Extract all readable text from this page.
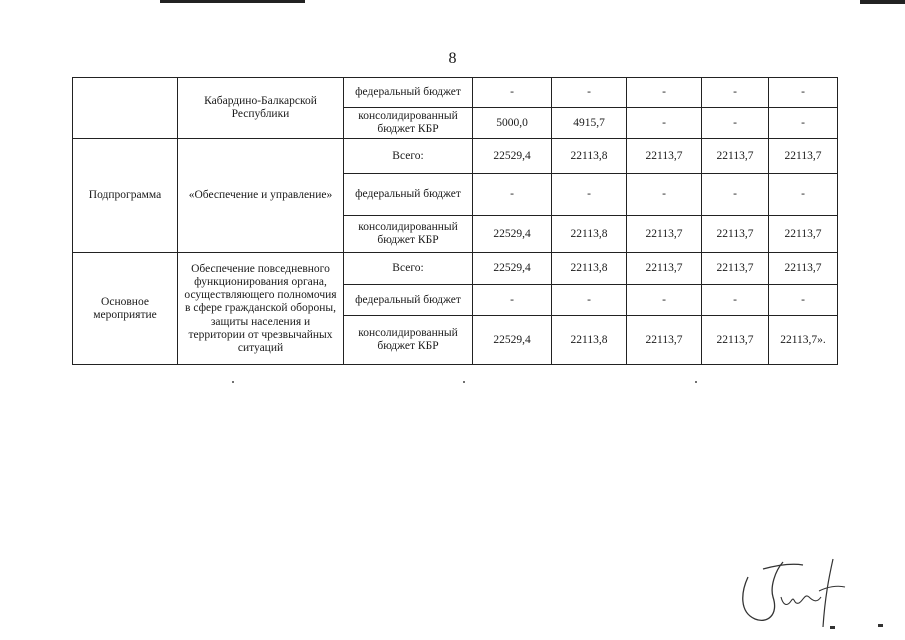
8
	Кабардино-Балкарской Республики	федеральный бюджет	-	-	-	-	-
		консолидированный бюджет КБР	5000,0	4915,7	-	-	-
Подпрограмма	«Обеспечение и управление»	Всего:	22529,4	22113,8	22113,7	22113,7	22113,7
		федеральный бюджет	-	-	-	-	-
		консолидированный бюджет КБР	22529,4	22113,8	22113,7	22113,7	22113,7
Основное мероприятие	Обеспечение повседневного функционирования органа, осуществляющего полномочия в сфере гражданской обороны, защиты населения и территории от чрезвычайных ситуаций	Всего:	22529,4	22113,8	22113,7	22113,7	22113,7
		федеральный бюджет	-	-	-	-	-
		консолидированный бюджет КБР	22529,4	22113,8	22113,7	22113,7	22113,7».
